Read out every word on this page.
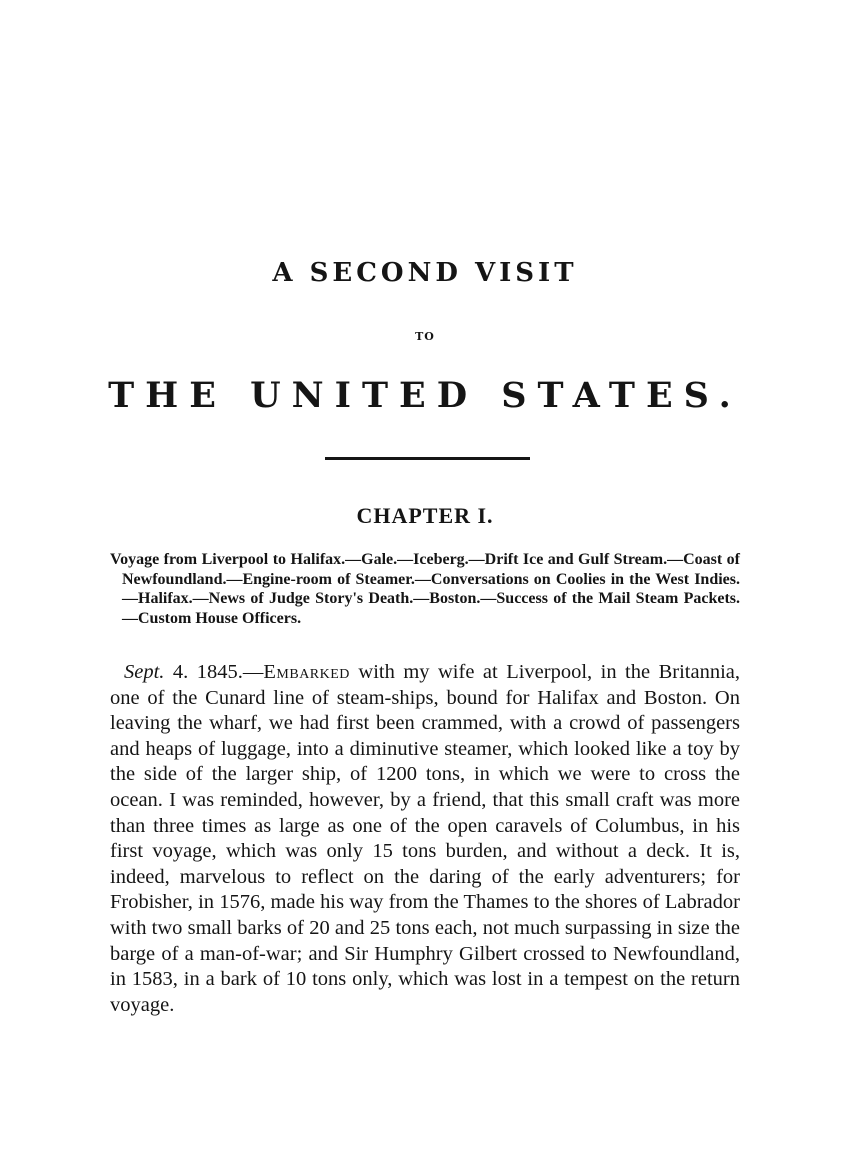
A SECOND VISIT
TO
THE UNITED STATES.
CHAPTER I.

Voyage from Liverpool to Halifax.—Gale.—Iceberg.—Drift Ice and Gulf Stream.—Coast of Newfoundland.—Engine-room of Steamer.—Conversations on Coolies in the West Indies.—Halifax.—News of Judge Story's Death.—Boston.—Success of the Mail Steam Packets.—Custom House Officers.

Sept. 4. 1845.—Embarked with my wife at Liverpool, in the Britannia, one of the Cunard line of steam-ships, bound for Halifax and Boston. On leaving the wharf, we had first been crammed, with a crowd of passengers and heaps of luggage, into a diminutive steamer, which looked like a toy by the side of the larger ship, of 1200 tons, in which we were to cross the ocean. I was reminded, however, by a friend, that this small craft was more than three times as large as one of the open caravels of Columbus, in his first voyage, which was only 15 tons burden, and without a deck. It is, indeed, marvelous to reflect on the daring of the early adventurers; for Frobisher, in 1576, made his way from the Thames to the shores of Labrador with two small barks of 20 and 25 tons each, not much surpassing in size the barge of a man-of-war; and Sir Humphry Gilbert crossed to Newfoundland, in 1583, in a bark of 10 tons only, which was lost in a tempest on the return voyage.
